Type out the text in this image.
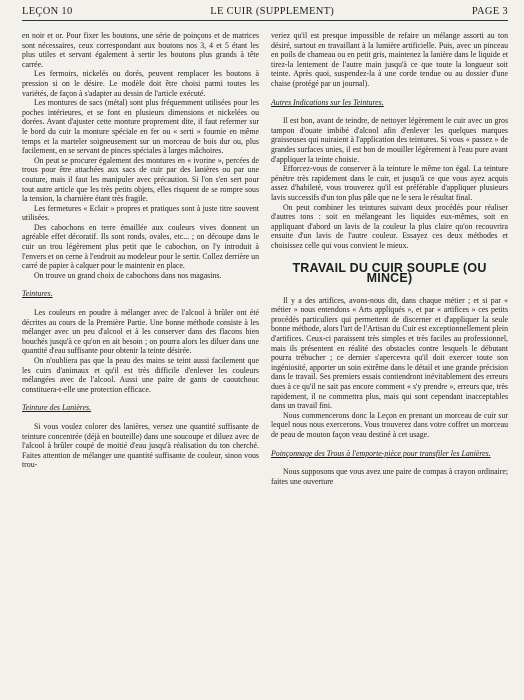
LEÇON 10	LE CUIR (SUPPLEMENT)	PAGE 3

en noir et or. Pour fixer les boutons, une série de poinçons et de matrices sont nécessaires, ceux correspondant aux boutons nos 3, 4 et 5 étant les plus utiles et servant également à sertir les boutons plus grands à tête carrée.

Les fermoirs, nickelés ou dorés, peuvent remplacer les boutons à pression si on le désire. Le modèle doit être choisi parmi toutes les variétés, de façon à s'adapter au dessin de l'article exécuté.

Les montures de sacs (métal) sont plus fréquemment utilisées pour les poches intérieures, et se font en plusieurs dimensions et nickelées ou dorées. Avant d'ajuster cette monture proprement dite, il faut refermer sur le bord du cuir la monture spéciale en fer ou « serti » fournie en même temps et la marteler soigneusement sur un morceau de bois dur ou, plus facilement, en se servant de pinces spéciales à larges mâchoires.

On peut se procurer également des montures en « ivorine », percées de trous pour être attachées aux sacs de cuir par des lanières ou par une couture, mais il faut les manipuler avec précaution. Si l'on s'en sert pour tout autre article que les très petits objets, elles risquent de se rompre sous la tension, la charnière étant très fragile.

Les fermetures « Eclair » propres et pratiques sont à juste titre souvent utilisées.

Des cabochons en terre émaillée aux couleurs vives donnent un agréable effet décoratif. Ils sont ronds, ovales, etc... ; on découpe dans le cuir un trou légèrement plus petit que le cabochon, on l'y introduit à l'envers et on cerne à l'endroit au modeleur pour le sertir. Collez derrière un carré de papier à calquer pour le maintenir en place.

On trouve un grand choix de cabochons dans nos magasins.

Teintures.

Les couleurs en poudre à mélanger avec de l'alcool à brûler ont été décrites au cours de la Première Partie. Une bonne méthode consiste à les mélanger avec un peu d'alcool et à les conserver dans des flacons bien bouchés jusqu'à ce qu'on en ait besoin ; on pourra alors les diluer dans une quantité d'eau suffisante pour obtenir la teinte désirée.

On n'oubliera pas que la peau des mains se teint aussi facilement que les cuirs d'animaux et qu'il est très difficile d'enlever les couleurs mélangées avec de l'alcool. Aussi une paire de gants de caoutchouc constituera-t-elle une protection efficace.

Teinture des Lanières.

Si vous voulez colorer des lanières, versez une quantité suffisante de teinture concentrée (déjà en bouteille) dans une soucoupe et diluez avec de l'alcool à brûler coupé de moitié d'eau jusqu'à réalisation du ton cherché. Faites attention de mélanger une quantité suffisante de couleur, sinon vous trou-

veriez qu'il est presque impossible de refaire un mélange assorti au ton désiré, surtout en travaillant à la lumière artificielle. Puis, avec un pinceau en poils de chameau ou en petit gris, maintenez la lanière dans le liquide et tirez-la lentement de l'autre main jusqu'à ce que toute la longueur soit teinte. Après quoi, suspendez-la à une corde tendue ou au dossier d'une chaise (protégé par un journal).

Autres Indications sur les Teintures.

Il est bon, avant de teindre, de nettoyer légèrement le cuir avec un gros tampon d'ouate imbibé d'alcool afin d'enlever les quelques marques graisseuses qui nuiraient à l'application des teintures. Si vous « passez » de grandes surfaces unies, il est bon de mouiller légèrement à l'eau pure avant d'appliquer la teinte choisie.

Efforcez-vous de conserver à la teinture le même ton égal. La teinture pénètre très rapidement dans le cuir, et jusqu'à ce que vous ayez acquis assez d'habileté, vous trouverez qu'il est préférable d'appliquer plusieurs lavis successifs d'un ton plus pâle que ne le sera le résultat final.

On peut combiner les teintures suivant deux procédés pour réaliser d'autres tons : soit en mélangeant les liquides eux-mêmes, soit en appliquant d'abord un lavis de la couleur la plus claire qu'on recouvrira ensuite d'un lavis de l'autre couleur. Essayez ces deux méthodes et choisissez celle qui vous convient le mieux.

TRAVAIL DU CUIR SOUPLE (OU MINCE)

Il y a des artifices, avons-nous dit, dans chaque métier ; et si par « métier » nous entendons « Arts appliqués », et par « artifices » ces petits procédés particuliers qui permettent de discerner et d'appliquer la seule bonne méthode, alors l'art de l'Artisan du Cuir est exceptionnellement plein d'artifices. Ceux-ci paraissent très simples et très faciles au professionnel, mais ils présentent en réalité des obstacles contre lesquels le débutant pourra trébucher ; ce dernier s'apercevra qu'il doit exercer toute son ingéniosité, apporter un soin extrême dans le détail et une grande précision dans le travail. Ses premiers essais contiendront inévitablement des erreurs dues à ce qu'il ne sait pas encore comment « s'y prendre », erreurs que, très rapidement, il ne commettra plus, mais qui sont cependant inacceptables dans un travail fini.

Nous commencerons donc la Leçon en prenant un morceau de cuir sur lequel nous nous exercerons. Vous trouverez dans votre coffret un morceau de peau de mouton façon veau destiné à cet usage.

Poinçonnage des Trous à l'emporte-pièce pour transfiler les Lanières.

Nous supposons que vous avez une paire de compas à crayon ordinaire; faites une ouverture
